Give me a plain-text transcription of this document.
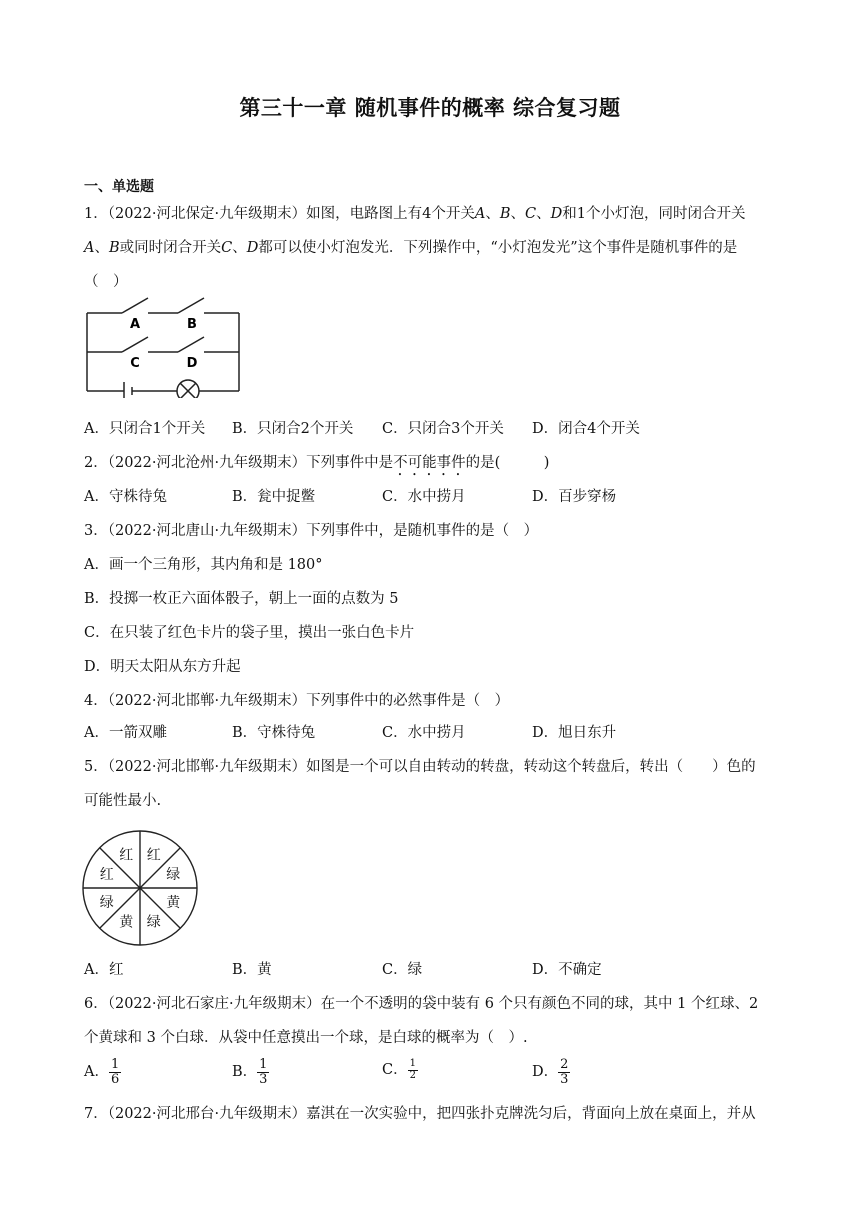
第三十一章 随机事件的概率 综合复习题
一、单选题
1．（2022·河北保定·九年级期末）如图，电路图上有4个开关A、B、C、D和1个小灯泡，同时闭合开关
A、B或同时闭合开关C、D都可以使小灯泡发光．下列操作中，“小灯泡发光”这个事件是随机事件的是
（　）
A	B
C	D
A．只闭合1个开关 B．只闭合2个开关 C．只闭合3个开关 D．闭合4个开关
2．（2022·河北沧州·九年级期末）下列事件中是不可能事件的是(　　　)
A．守株待兔	B．瓮中捉鳖	C．水中捞月	D．百步穿杨
3．（2022·河北唐山·九年级期末）下列事件中，是随机事件的是（　）
A．画一个三角形，其内角和是 180°
B．投掷一枚正六面体骰子，朝上一面的点数为 5
C．在只装了红色卡片的袋子里，摸出一张白色卡片
D．明天太阳从东方升起
4．（2022·河北邯郸·九年级期末）下列事件中的必然事件是（　）
A．一箭双雕	B．守株待兔	C．水中捞月	D．旭日东升
5．（2022·河北邯郸·九年级期末）如图是一个可以自由转动的转盘，转动这个转盘后，转出（　　）色的
可能性最小.
红
绿
黄
绿
黄
绿
红
红
A．红	B．黄	C．绿	D．不确定
6．（2022·河北石家庄·九年级期末）在一个不透明的袋中装有 6 个只有颜色不同的球，其中 1 个红球、2
个黄球和 3 个白球．从袋中任意摸出一个球，是白球的概率为（　）.
A． $\frac{1}{6}$	B． $\frac{1}{3}$	C． $\frac{1}{2}$	D． $\frac{2}{3}$
7．（2022·河北邢台·九年级期末）嘉淇在一次实验中，把四张扑克牌洗匀后，背面向上放在桌面上，并从
